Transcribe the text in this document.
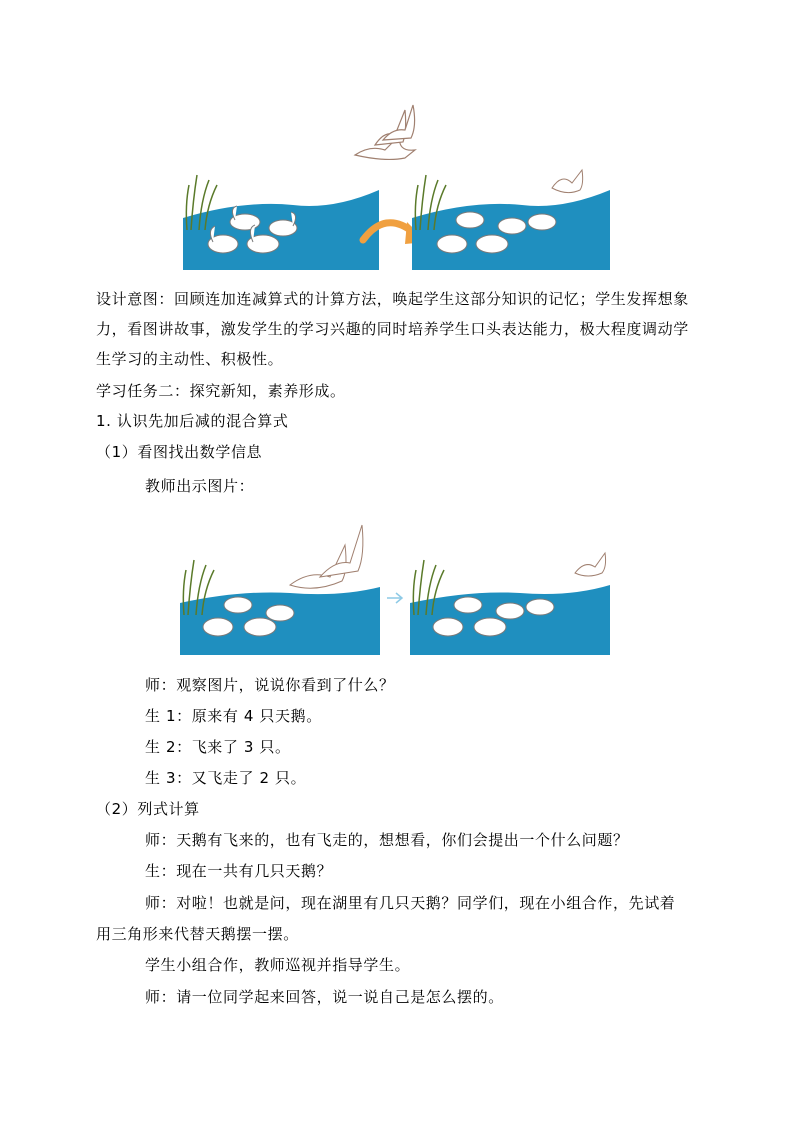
设计意图：回顾连加连减算式的计算方法，唤起学生这部分知识的记忆；学生发挥想象力，看图讲故事，激发学生的学习兴趣的同时培养学生口头表达能力，极大程度调动学生学习的主动性、积极性。
学习任务二：探究新知，素养形成。
1. 认识先加后减的混合算式
（1）看图找出数学信息
教师出示图片：
师：观察图片，说说你看到了什么？
生 1：原来有 4 只天鹅。
生 2：飞来了 3 只。
生 3：又飞走了 2 只。
（2）列式计算
师：天鹅有飞来的，也有飞走的，想想看，你们会提出一个什么问题？
生：现在一共有几只天鹅？
师：对啦！也就是问，现在湖里有几只天鹅？同学们，现在小组合作，先试着
用三角形来代替天鹅摆一摆。
学生小组合作，教师巡视并指导学生。
师：请一位同学起来回答，说一说自己是怎么摆的。
